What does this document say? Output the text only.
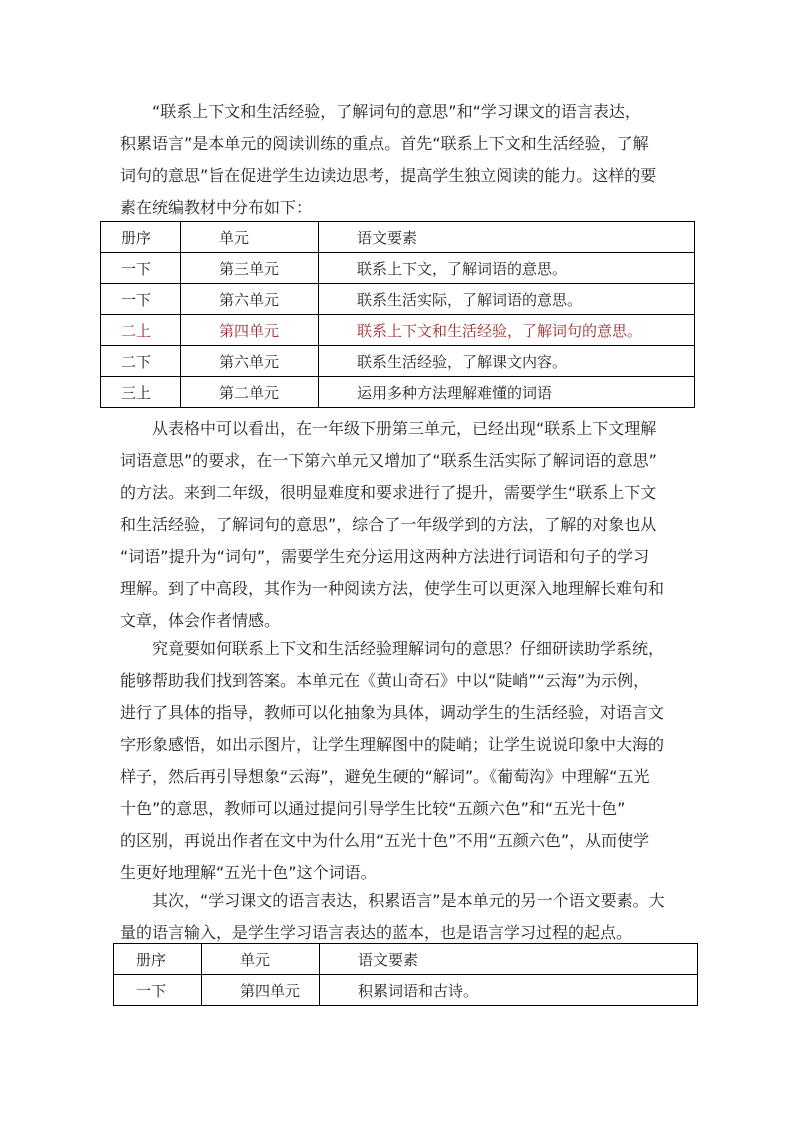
“联系上下文和生活经验，了解词句的意思”和“学习课文的语言表达，
积累语言”是本单元的阅读训练的重点。首先“联系上下文和生活经验，了解
词句的意思”旨在促进学生边读边思考，提高学生独立阅读的能力。这样的要
素在统编教材中分布如下：

册序	单元	语文要素
一下	第三单元	联系上下文，了解词语的意思。
一下	第六单元	联系生活实际，了解词语的意思。
二上	第四单元	联系上下文和生活经验，了解词句的意思。
二下	第六单元	联系生活经验，了解课文内容。
三上	第二单元	运用多种方法理解难懂的词语

从表格中可以看出，在一年级下册第三单元，已经出现“联系上下文理解
词语意思”的要求，在一下第六单元又增加了“联系生活实际了解词语的意思”
的方法。来到二年级，很明显难度和要求进行了提升，需要学生“联系上下文
和生活经验，了解词句的意思”，综合了一年级学到的方法，了解的对象也从
“词语”提升为“词句”，需要学生充分运用这两种方法进行词语和句子的学习
理解。到了中高段，其作为一种阅读方法，使学生可以更深入地理解长难句和
文章，体会作者情感。

究竟要如何联系上下文和生活经验理解词句的意思？仔细研读助学系统，
能够帮助我们找到答案。本单元在《黄山奇石》中以“陡峭”“云海”为示例，
进行了具体的指导，教师可以化抽象为具体，调动学生的生活经验，对语言文
字形象感悟，如出示图片，让学生理解图中的陡峭；让学生说说印象中大海的
样子，然后再引导想象“云海”，避免生硬的“解词”。《葡萄沟》中理解“五光
十色”的意思，教师可以通过提问引导学生比较“五颜六色”和“五光十色”
的区别，再说出作者在文中为什么用“五光十色”不用“五颜六色”，从而使学
生更好地理解“五光十色”这个词语。

其次，“学习课文的语言表达，积累语言”是本单元的另一个语文要素。大
量的语言输入，是学生学习语言表达的蓝本，也是语言学习过程的起点。

册序	单元	语文要素
一下	第四单元	积累词语和古诗。
